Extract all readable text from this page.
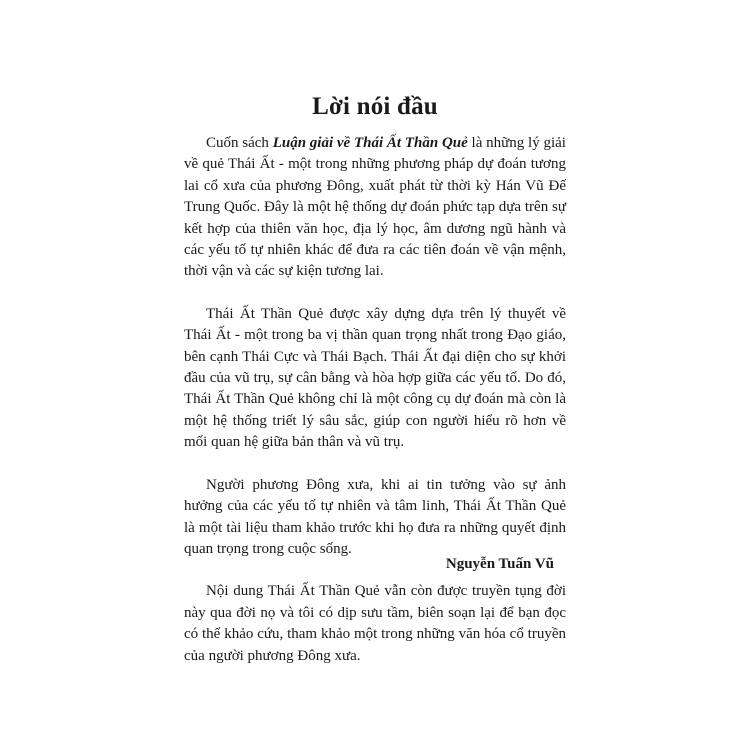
Lời nói đầu

Cuốn sách Luận giải về Thái Ất Thần Quẻ là những lý giải về quẻ Thái Ất - một trong những phương pháp dự đoán tương lai cổ xưa của phương Đông, xuất phát từ thời kỳ Hán Vũ Đế Trung Quốc. Đây là một hệ thống dự đoán phức tạp dựa trên sự kết hợp của thiên văn học, địa lý học, âm dương ngũ hành và các yếu tố tự nhiên khác để đưa ra các tiên đoán về vận mệnh, thời vận và các sự kiện tương lai.

Thái Ất Thần Quẻ được xây dựng dựa trên lý thuyết về Thái Ất - một trong ba vị thần quan trọng nhất trong Đạo giáo, bên cạnh Thái Cực và Thái Bạch. Thái Ất đại diện cho sự khởi đầu của vũ trụ, sự cân bằng và hòa hợp giữa các yếu tố. Do đó, Thái Ất Thần Quẻ không chỉ là một công cụ dự đoán mà còn là một hệ thống triết lý sâu sắc, giúp con người hiểu rõ hơn về mối quan hệ giữa bản thân và vũ trụ.

Người phương Đông xưa, khi ai tin tưởng vào sự ảnh hưởng của các yếu tố tự nhiên và tâm linh, Thái Ất Thần Quẻ là một tài liệu tham khảo trước khi họ đưa ra những quyết định quan trọng trong cuộc sống.

Nội dung Thái Ất Thần Quẻ vẫn còn được truyền tụng đời này qua đời nọ và tôi có dịp sưu tầm, biên soạn lại để bạn đọc có thể khảo cứu, tham khảo một trong những văn hóa cổ truyền của người phương Đông xưa.

Nguyễn Tuấn Vũ
